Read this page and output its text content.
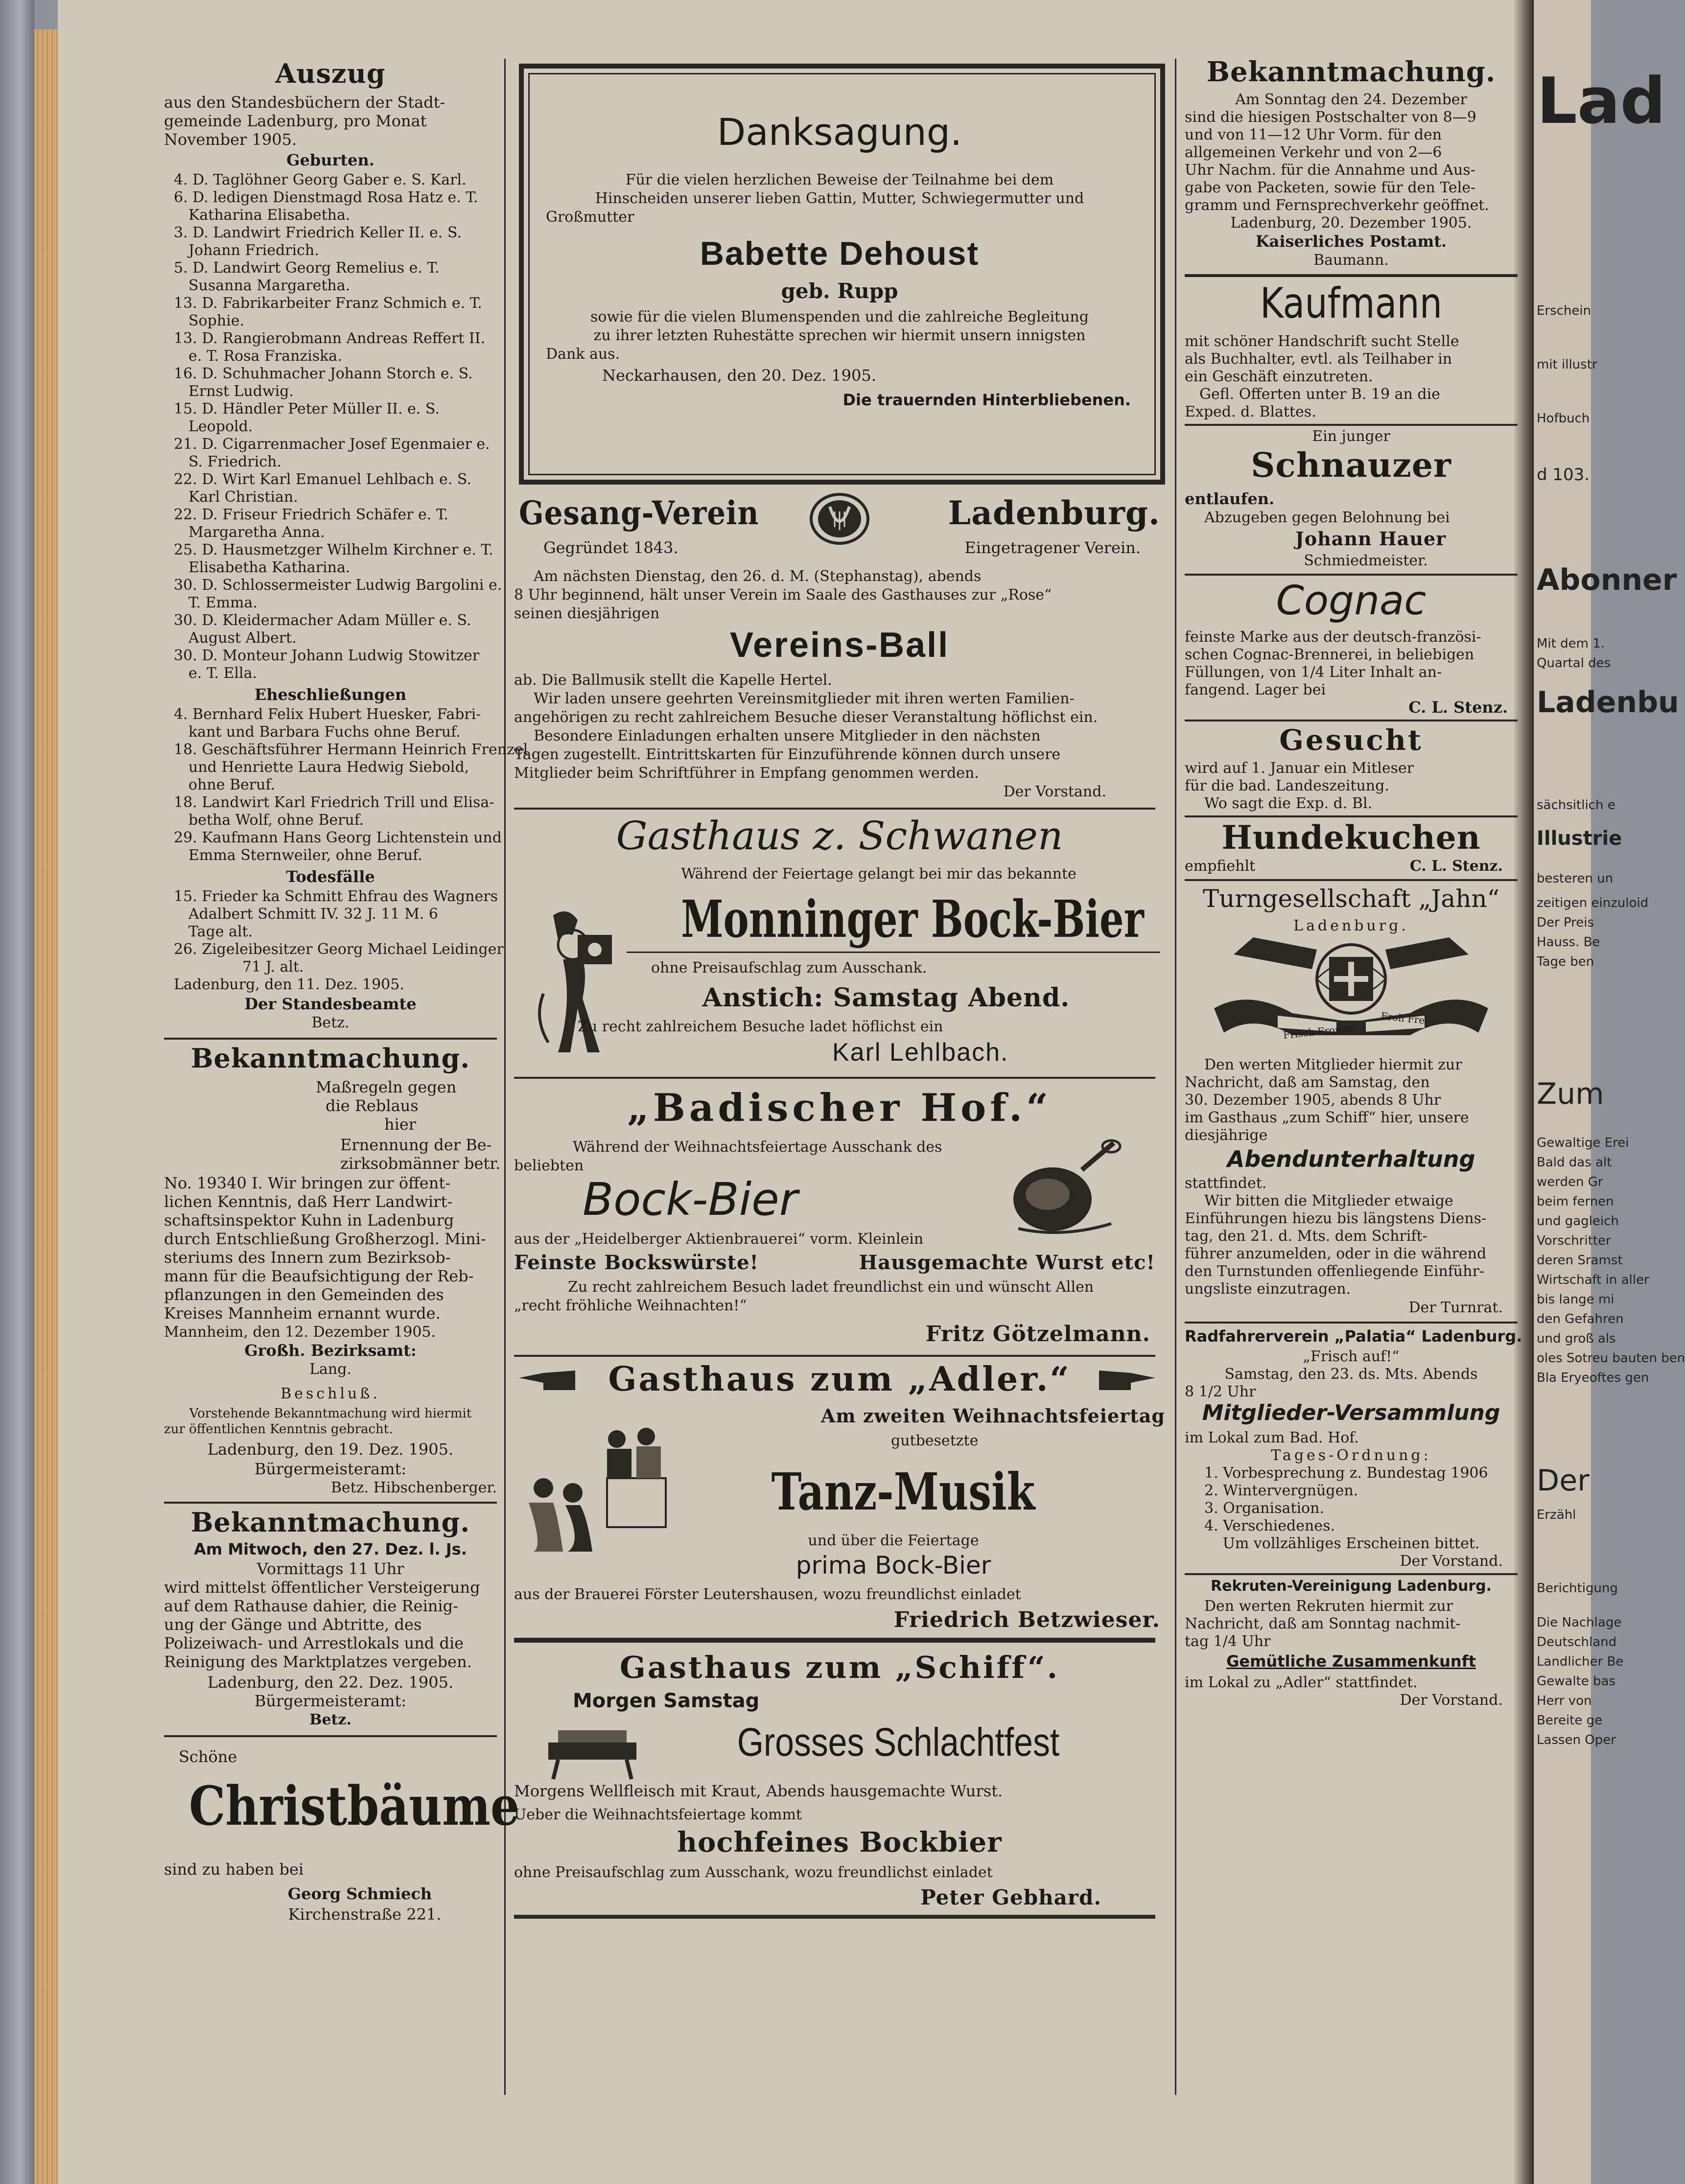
Lad
Erschein
mit illustr
Hofbuch
d 103.
Abonner
Mit dem 1.
Quartal des
Ladenbu
sächsitlich e
Illustrie
besteren un
zeitigen einzuloid
Der Preis
Hauss. Be
Tage ben
Zum
Gewaltige Erei
Bald das alt
werden Gr
beim fernen
und gagleich
Vorschritter
deren Sramst
Wirtschaft in aller
bis lange mi
den Gefahren
und groß als
oles Sotreu bauten ben
Bla Eryeoftes gen
Der
Erzähl
Berichtigung
Die Nachlage
Deutschland
Landlicher Be
Gewalte bas
Herr von
Bereite ge
Lassen Oper
Auszug
aus den Standesbüchern der Stadt-
gemeinde Ladenburg, pro Monat
November 1905.
Geburten.
4. D. Taglöhner Georg Gaber e. S. Karl.
6. D. ledigen Dienstmagd Rosa Hatz e. T.
Katharina Elisabetha.
3. D. Landwirt Friedrich Keller II. e. S.
Johann Friedrich.
5. D. Landwirt Georg Remelius e. T.
Susanna Margaretha.
13. D. Fabrikarbeiter Franz Schmich e. T.
Sophie.
13. D. Rangierobmann Andreas Reffert II.
e. T. Rosa Franziska.
16. D. Schuhmacher Johann Storch e. S.
Ernst Ludwig.
15. D. Händler Peter Müller II. e. S.
Leopold.
21. D. Cigarrenmacher Josef Egenmaier e.
S. Friedrich.
22. D. Wirt Karl Emanuel Lehlbach e. S.
Karl Christian.
22. D. Friseur Friedrich Schäfer e. T.
Margaretha Anna.
25. D. Hausmetzger Wilhelm Kirchner e. T.
Elisabetha Katharina.
30. D. Schlossermeister Ludwig Bargolini e.
T. Emma.
30. D. Kleidermacher Adam Müller e. S.
August Albert.
30. D. Monteur Johann Ludwig Stowitzer
e. T. Ella.
Eheschließungen
4. Bernhard Felix Hubert Huesker, Fabri-
kant und Barbara Fuchs ohne Beruf.
18. Geschäftsführer Hermann Heinrich Frenzel
und Henriette Laura Hedwig Siebold,
ohne Beruf.
18. Landwirt Karl Friedrich Trill und Elisa-
betha Wolf, ohne Beruf.
29. Kaufmann Hans Georg Lichtenstein und
Emma Sternweiler, ohne Beruf.
Todesfälle
15. Frieder ka Schmitt Ehfrau des Wagners
Adalbert Schmitt IV. 32 J. 11 M. 6
Tage alt.
26. Zigeleibesitzer Georg Michael Leidinger
71 J. alt.
Ladenburg, den 11. Dez. 1905.
Der Standesbeamte
Betz.
Bekanntmachung.
Maßregeln gegen
die Reblaus
hier
Ernennung der Be-
zirksobmänner betr.
No. 19340 I. Wir bringen zur öffent-
lichen Kenntnis, daß Herr Landwirt-
schaftsinspektor Kuhn in Ladenburg
durch Entschließung Großherzogl. Mini-
steriums des Innern zum Bezirksob-
mann für die Beaufsichtigung der Reb-
pflanzungen in den Gemeinden des
Kreises Mannheim ernannt wurde.
Mannheim, den 12. Dezember 1905.
Großh. Bezirksamt:
Lang.
Beschluß.
Vorstehende Bekanntmachung wird hiermit
zur öffentlichen Kenntnis gebracht.
Ladenburg, den 19. Dez. 1905.
Bürgermeisteramt:
Betz. Hibschenberger.
Bekanntmachung.
Am Mitwoch, den 27. Dez. l. Js.
Vormittags 11 Uhr
wird mittelst öffentlicher Versteigerung
auf dem Rathause dahier, die Reinig-
ung der Gänge und Abtritte, des
Polizeiwach- und Arrestlokals und die
Reinigung des Marktplatzes vergeben.
Ladenburg, den 22. Dez. 1905.
Bürgermeisteramt:
Betz.
Schöne
Christbäume
sind zu haben bei
Georg Schmiech
Kirchenstraße 221.
Danksagung.
Für die vielen herzlichen Beweise der Teilnahme bei dem
Hinscheiden unserer lieben Gattin, Mutter, Schwiegermutter und
Großmutter
Babette Dehoust
geb. Rupp
sowie für die vielen Blumenspenden und die zahlreiche Begleitung
zu ihrer letzten Ruhestätte sprechen wir hiermit unsern innigsten
Dank aus.
Neckarhausen, den 20. Dez. 1905.
Die trauernden Hinterbliebenen.
Gesang-Verein	Ladenburg.
Gegründet 1843.	Eingetragener Verein.
Am nächsten Dienstag, den 26. d. M. (Stephanstag), abends
8 Uhr beginnend, hält unser Verein im Saale des Gasthauses zur „Rose“
seinen diesjährigen
Vereins-Ball
ab. Die Ballmusik stellt die Kapelle Hertel.
Wir laden unsere geehrten Vereinsmitglieder mit ihren werten Familien-
angehörigen zu recht zahlreichem Besuche dieser Veranstaltung höflichst ein.
Besondere Einladungen erhalten unsere Mitglieder in den nächsten
Tagen zugestellt. Eintrittskarten für Einzuführende können durch unsere
Mitglieder beim Schriftführer in Empfang genommen werden.
Der Vorstand.
Gasthaus z. Schwanen
Während der Feiertage gelangt bei mir das bekannte
Monninger Bock-Bier
ohne Preisaufschlag zum Ausschank.
Anstich: Samstag Abend.
Zu recht zahlreichem Besuche ladet höflichst ein
Karl Lehlbach.
„Badischer Hof.“
Während der Weihnachtsfeiertage Ausschank des
beliebten
Bock-Bier
aus der „Heidelberger Aktienbrauerei“ vorm. Kleinlein
Feinste Bockswürste!	Hausgemachte Wurst etc!
Zu recht zahlreichem Besuch ladet freundlichst ein und wünscht Allen
„recht fröhliche Weihnachten!“
Fritz Götzelmann.
Gasthaus zum „Adler.“
Am zweiten Weihnachtsfeiertag
gutbesetzte
Tanz-Musik
und über die Feiertage
prima Bock-Bier
aus der Brauerei Förster Leutershausen, wozu freundlichst einladet
Friedrich Betzwieser.
Gasthaus zum „Schiff“.
Morgen Samstag
Grosses Schlachtfest
Morgens Wellfleisch mit Kraut, Abends hausgemachte Wurst.
Ueber die Weihnachtsfeiertage kommt
hochfeines Bockbier
ohne Preisaufschlag zum Ausschank, wozu freundlichst einladet
Peter Gebhard.
Bekanntmachung.
Am Sonntag den 24. Dezember
sind die hiesigen Postschalter von 8—9
und von 11—12 Uhr Vorm. für den
allgemeinen Verkehr und von 2—6
Uhr Nachm. für die Annahme und Aus-
gabe von Packeten, sowie für den Tele-
gramm und Fernsprechverkehr geöffnet.
Ladenburg, 20. Dezember 1905.
Kaiserliches Postamt.
Baumann.
Kaufmann
mit schöner Handschrift sucht Stelle
als Buchhalter, evtl. als Teilhaber in
ein Geschäft einzutreten.
Gefl. Offerten unter B. 19 an die
Exped. d. Blattes.
Ein junger
Schnauzer
entlaufen.
Abzugeben gegen Belohnung bei
Johann Hauer
Schmiedmeister.
Cognac
feinste Marke aus der deutsch-französi-
schen Cognac-Brennerei, in beliebigen
Füllungen, von 1/4 Liter Inhalt an-
fangend. Lager bei
C. L. Stenz.
Gesucht
wird auf 1. Januar ein Mitleser
für die bad. Landeszeitung.
Wo sagt die Exp. d. Bl.
Hundekuchen
empfiehlt	C. L. Stenz.
Turngesellschaft „Jahn“
Ladenburg.
Frisch Fromm
Froh Frei
Den werten Mitglieder hiermit zur
Nachricht, daß am Samstag, den
30. Dezember 1905, abends 8 Uhr
im Gasthaus „zum Schiff“ hier, unsere
diesjährige
Abendunterhaltung
stattfindet.
Wir bitten die Mitglieder etwaige
Einführungen hiezu bis längstens Diens-
tag, den 21. d. Mts. dem Schrift-
führer anzumelden, oder in die während
den Turnstunden offenliegende Einführ-
ungsliste einzutragen.
Der Turnrat.
Radfahrerverein „Palatia“ Ladenburg.
„Frisch auf!“
Samstag, den 23. ds. Mts. Abends
8 1/2 Uhr
Mitglieder-Versammlung
im Lokal zum Bad. Hof.
Tages-Ordnung:
1. Vorbesprechung z. Bundestag 1906
2. Wintervergnügen.
3. Organisation.
4. Verschiedenes.
Um vollzähliges Erscheinen bittet.
Der Vorstand.
Rekruten-Vereinigung Ladenburg.
Den werten Rekruten hiermit zur
Nachricht, daß am Sonntag nachmit-
tag 1/4 Uhr
Gemütliche Zusammenkunft
im Lokal zu „Adler“ stattfindet.
Der Vorstand.
